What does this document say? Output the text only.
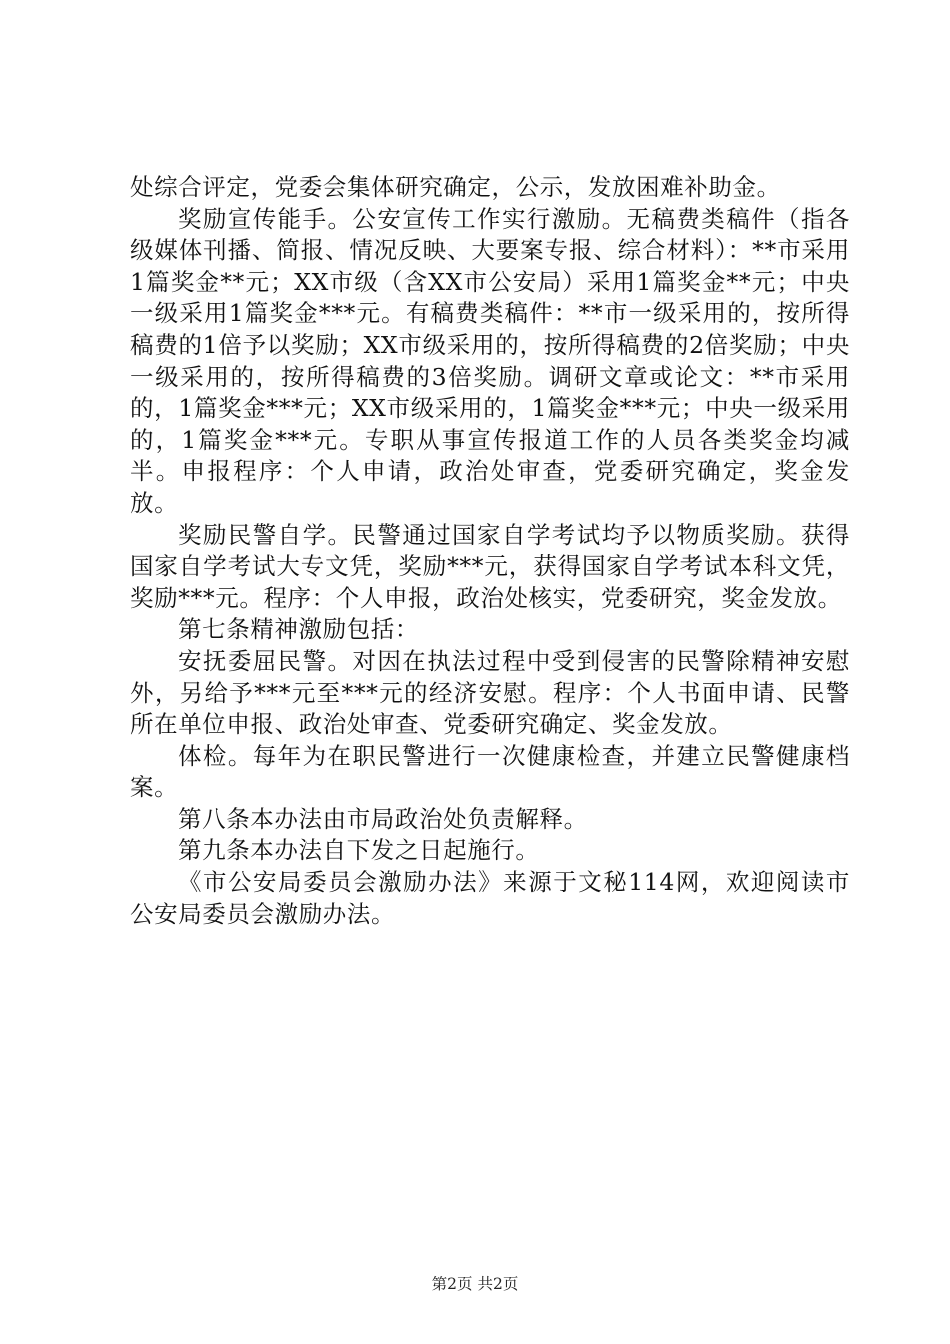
处综合评定，党委会集体研究确定，公示，发放困难补助金。

奖励宣传能手。公安宣传工作实行激励。无稿费类稿件（指各级媒体刊播、简报、情况反映、大要案专报、综合材料）：**市采用1篇奖金**元；XX市级（含XX市公安局）采用1篇奖金**元；中央一级采用1篇奖金***元。有稿费类稿件：**市一级采用的，按所得稿费的1倍予以奖励；XX市级采用的，按所得稿费的2倍奖励；中央一级采用的，按所得稿费的3倍奖励。调研文章或论文：**市采用的，1篇奖金***元；XX市级采用的，1篇奖金***元；中央一级采用的，1篇奖金***元。专职从事宣传报道工作的人员各类奖金均减半。申报程序：个人申请，政治处审查，党委研究确定，奖金发放。

奖励民警自学。民警通过国家自学考试均予以物质奖励。获得国家自学考试大专文凭，奖励***元，获得国家自学考试本科文凭，奖励***元。程序：个人申报，政治处核实，党委研究，奖金发放。

第七条精神激励包括：

安抚委屈民警。对因在执法过程中受到侵害的民警除精神安慰外，另给予***元至***元的经济安慰。程序：个人书面申请、民警所在单位申报、政治处审查、党委研究确定、奖金发放。

体检。每年为在职民警进行一次健康检查，并建立民警健康档案。

第八条本办法由市局政治处负责解释。

第九条本办法自下发之日起施行。

《市公安局委员会激励办法》来源于文秘114网，欢迎阅读市公安局委员会激励办法。

第2页 共2页
